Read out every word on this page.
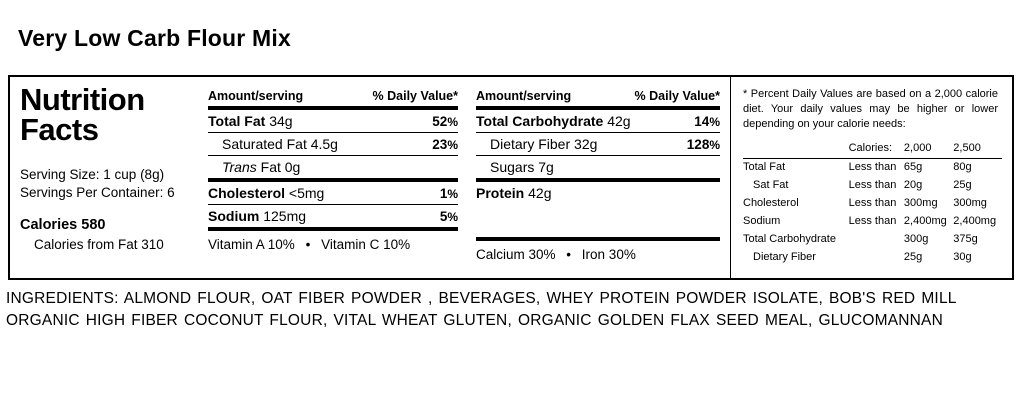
Very Low Carb Flour Mix
Nutrition
Facts
Serving Size: 1 cup (8g)
Servings Per Container: 6
Calories 580
Calories from Fat 310
Amount/serving	% Daily Value*
Total Fat 34g	52%
Saturated Fat 4.5g	23%
Trans Fat 0g
Cholesterol <5mg	1%
Sodium 125mg	5%
Vitamin A 10% • Vitamin C 10%
Amount/serving	% Daily Value*
Total Carbohydrate 42g	14%
Dietary Fiber 32g	128%
Sugars 7g
Protein 42g
Calcium 30% • Iron 30%
* Percent Daily Values are based on a 2,000 calorie diet. Your daily values may be higher or lower depending on your calorie needs:
	Calories:	2,000	2,500
Total Fat	Less than	65g	80g
Sat Fat	Less than	20g	25g
Cholesterol	Less than	300mg	300mg
Sodium	Less than	2,400mg	2,400mg
Total Carbohydrate		300g	375g
Dietary Fiber		25g	30g
INGREDIENTS: ALMOND FLOUR, OAT FIBER POWDER , BEVERAGES, WHEY PROTEIN POWDER ISOLATE, BOB'S RED MILL ORGANIC HIGH FIBER COCONUT FLOUR, VITAL WHEAT GLUTEN, ORGANIC GOLDEN FLAX SEED MEAL, GLUCOMANNAN
